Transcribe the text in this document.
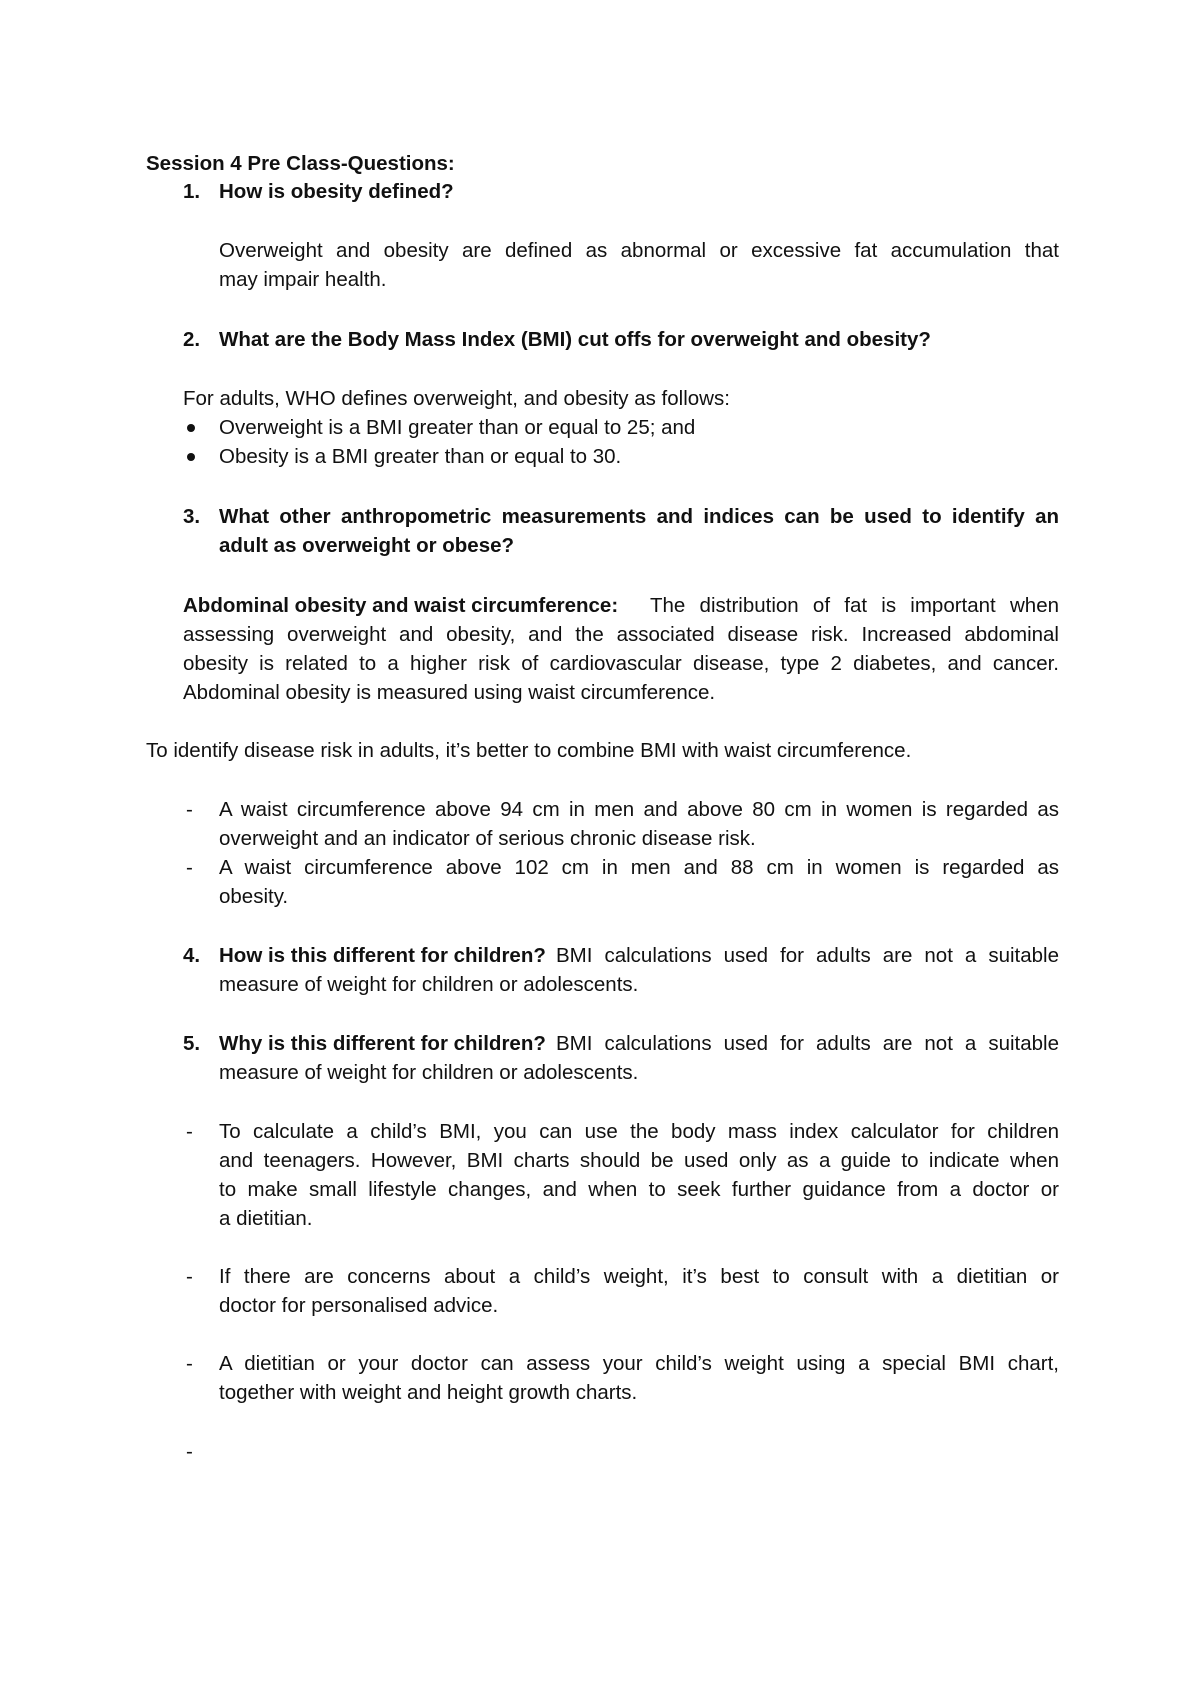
Session 4 Pre Class-Questions:
1. How is obesity defined?
Overweight and obesity are defined as abnormal or excessive fat accumulation that
may impair health.
2. What are the Body Mass Index (BMI) cut offs for overweight and obesity?
For adults, WHO defines overweight, and obesity as follows:
Overweight is a BMI greater than or equal to 25; and
Obesity is a BMI greater than or equal to 30.
3. What other anthropometric measurements and indices can be used to identify an
adult as overweight or obese?
Abdominal obesity and waist circumference: The distribution of fat is important when
assessing overweight and obesity, and the associated disease risk. Increased abdominal
obesity is related to a higher risk of cardiovascular disease, type 2 diabetes, and cancer.
Abdominal obesity is measured using waist circumference.
To identify disease risk in adults, it’s better to combine BMI with waist circumference.
- A waist circumference above 94 cm in men and above 80 cm in women is regarded as
overweight and an indicator of serious chronic disease risk.
- A waist circumference above 102 cm in men and 88 cm in women is regarded as
obesity.
4. How is this different for children? BMI calculations used for adults are not a suitable
measure of weight for children or adolescents.
5. Why is this different for children? BMI calculations used for adults are not a suitable
measure of weight for children or adolescents.
- To calculate a child’s BMI, you can use the body mass index calculator for children
and teenagers. However, BMI charts should be used only as a guide to indicate when
to make small lifestyle changes, and when to seek further guidance from a doctor or
a dietitian.
- If there are concerns about a child’s weight, it’s best to consult with a dietitian or
doctor for personalised advice.
- A dietitian or your doctor can assess your child’s weight using a special BMI chart,
together with weight and height growth charts.
-
